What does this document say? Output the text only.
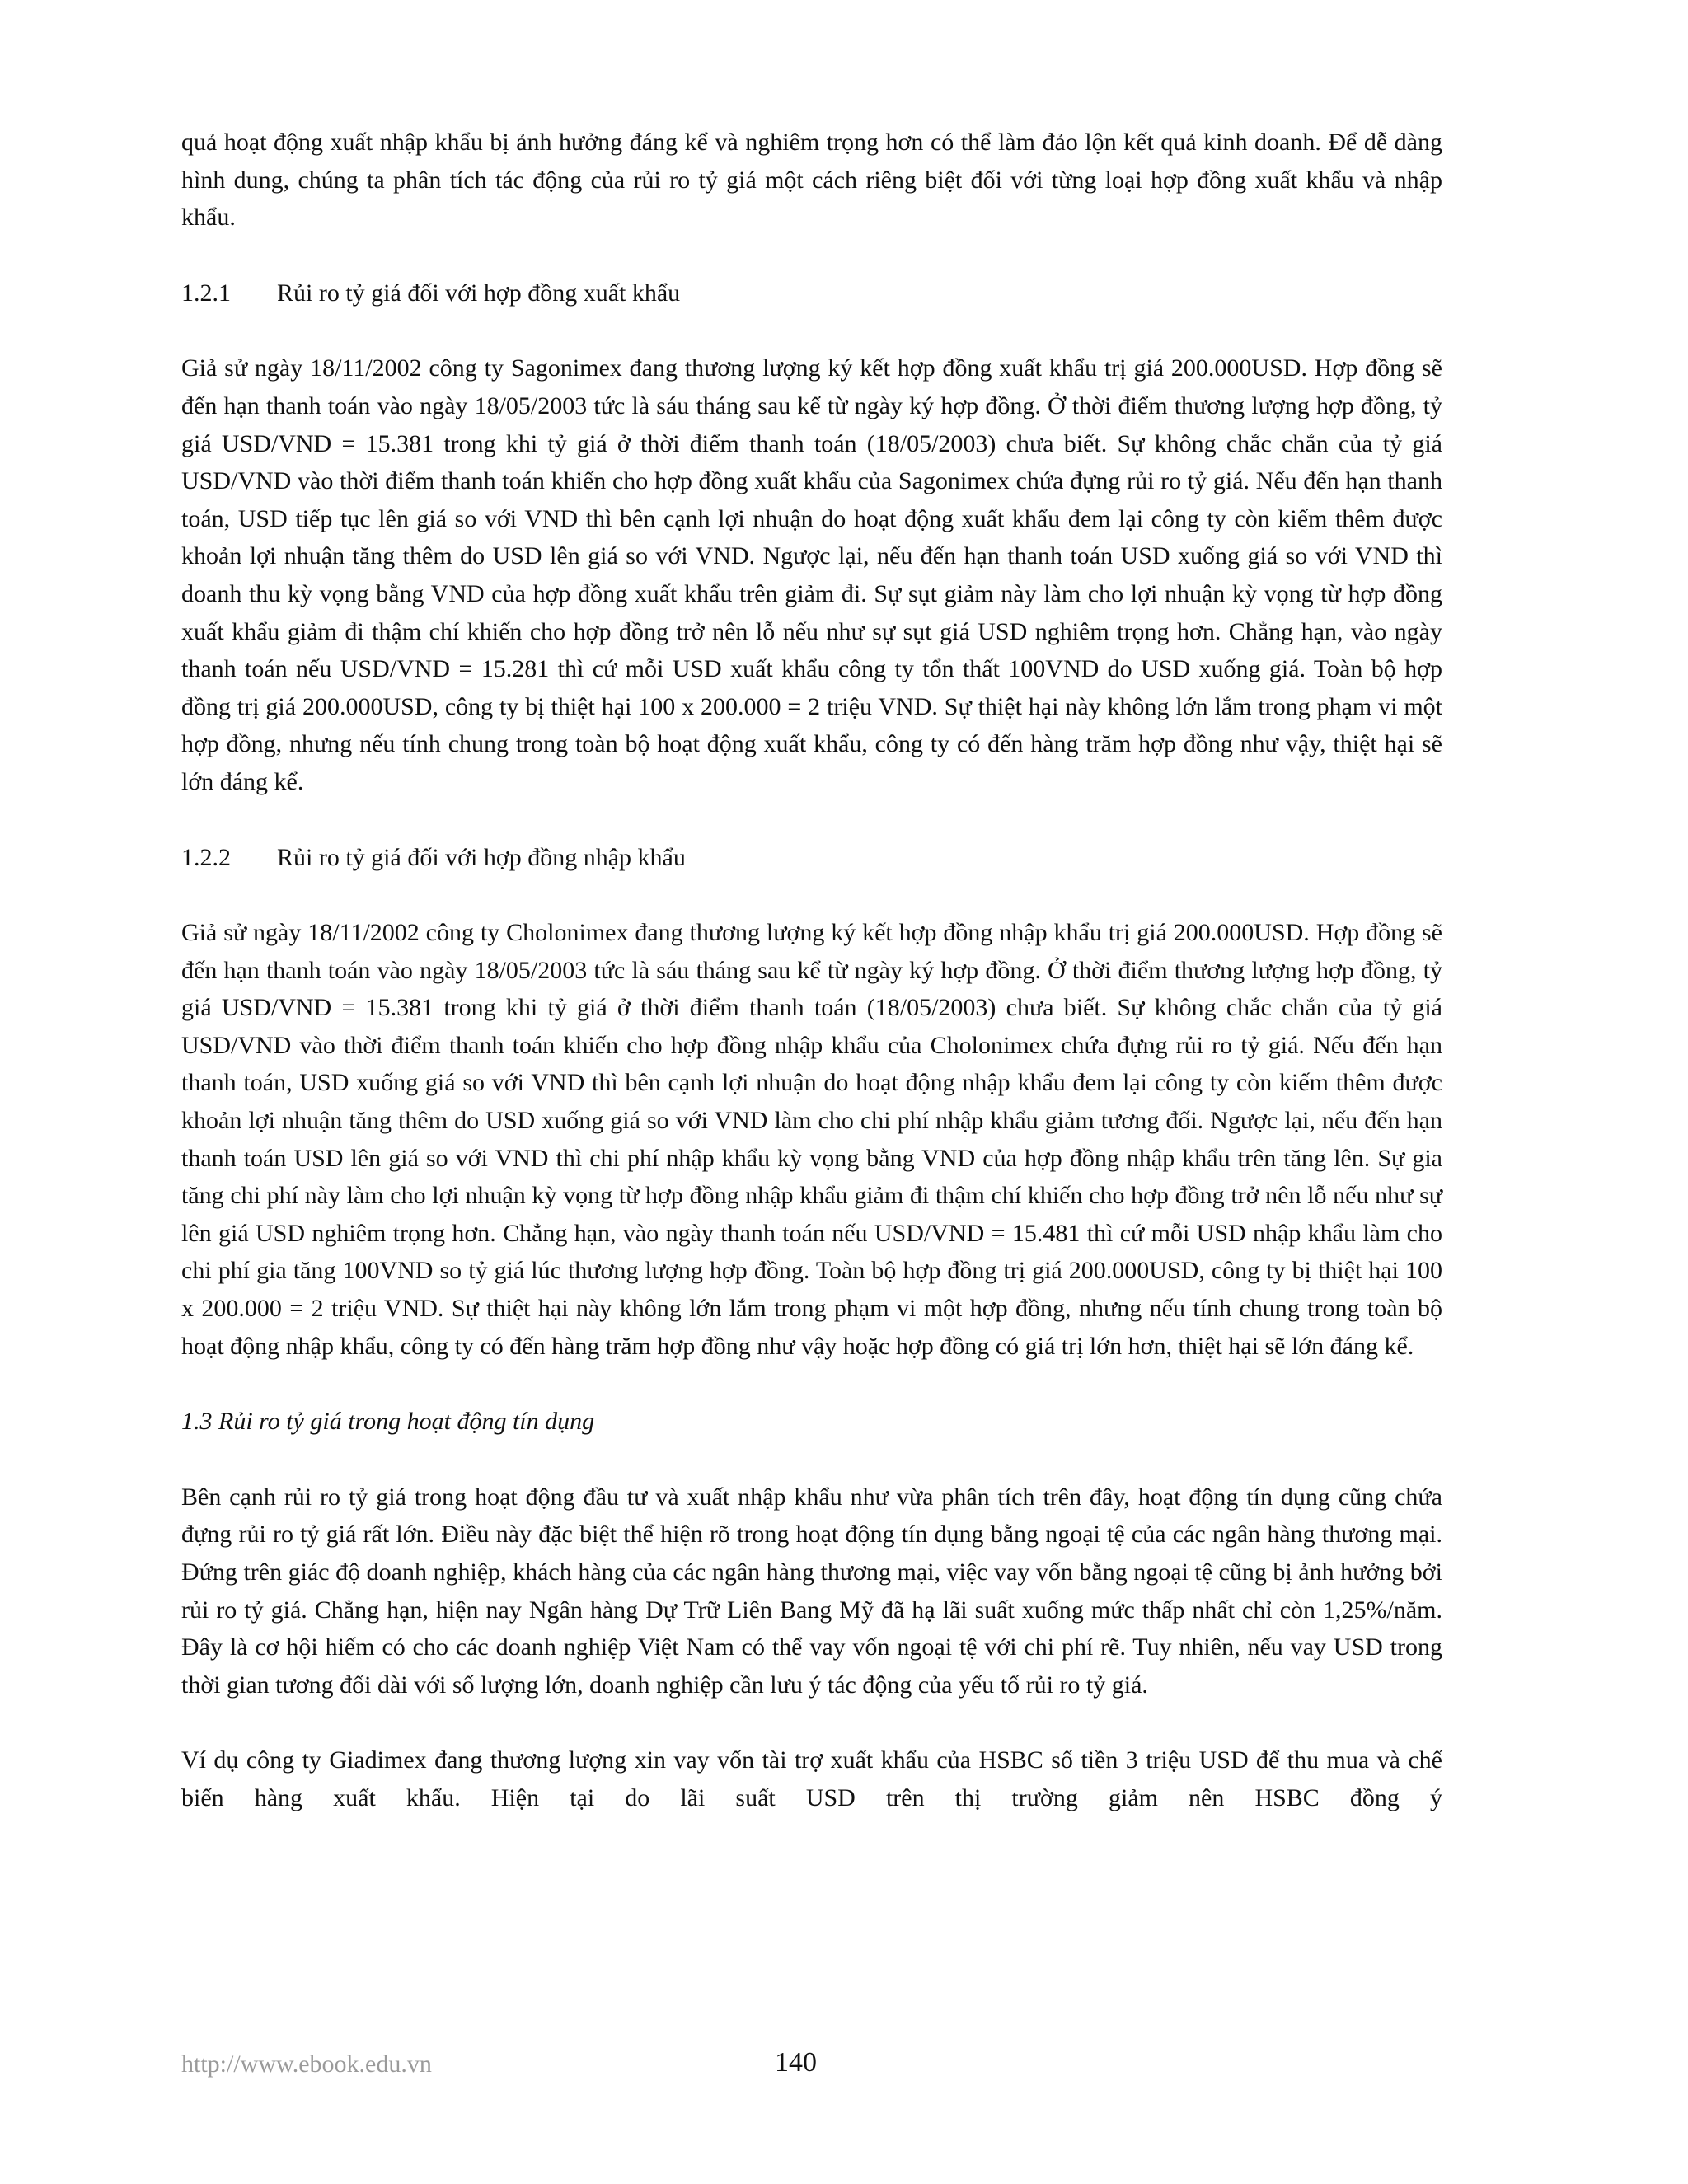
quả hoạt động xuất nhập khẩu bị ảnh hưởng đáng kể và nghiêm trọng hơn có thể làm đảo lộn kết quả kinh doanh. Để dễ dàng hình dung, chúng ta phân tích tác động của rủi ro tỷ giá một cách riêng biệt đối với từng loại hợp đồng xuất khẩu và nhập khẩu.

1.2.1 Rủi ro tỷ giá đối với hợp đồng xuất khẩu

Giả sử ngày 18/11/2002 công ty Sagonimex đang thương lượng ký kết hợp đồng xuất khẩu trị giá 200.000USD. Hợp đồng sẽ đến hạn thanh toán vào ngày 18/05/2003 tức là sáu tháng sau kể từ ngày ký hợp đồng. Ở thời điểm thương lượng hợp đồng, tỷ giá USD/VND = 15.381 trong khi tỷ giá ở thời điểm thanh toán (18/05/2003) chưa biết. Sự không chắc chắn của tỷ giá USD/VND vào thời điểm thanh toán khiến cho hợp đồng xuất khẩu của Sagonimex chứa đựng rủi ro tỷ giá. Nếu đến hạn thanh toán, USD tiếp tục lên giá so với VND thì bên cạnh lợi nhuận do hoạt động xuất khẩu đem lại công ty còn kiếm thêm được khoản lợi nhuận tăng thêm do USD lên giá so với VND. Ngược lại, nếu đến hạn thanh toán USD xuống giá so với VND thì doanh thu kỳ vọng bằng VND của hợp đồng xuất khẩu trên giảm đi. Sự sụt giảm này làm cho lợi nhuận kỳ vọng từ hợp đồng xuất khẩu giảm đi thậm chí khiến cho hợp đồng trở nên lỗ nếu như sự sụt giá USD nghiêm trọng hơn. Chẳng hạn, vào ngày thanh toán nếu USD/VND = 15.281 thì cứ mỗi USD xuất khẩu công ty tổn thất 100VND do USD xuống giá. Toàn bộ hợp đồng trị giá 200.000USD, công ty bị thiệt hại 100 x 200.000 = 2 triệu VND. Sự thiệt hại này không lớn lắm trong phạm vi một hợp đồng, nhưng nếu tính chung trong toàn bộ hoạt động xuất khẩu, công ty có đến hàng trăm hợp đồng như vậy, thiệt hại sẽ lớn đáng kể.

1.2.2 Rủi ro tỷ giá đối với hợp đồng nhập khẩu

Giả sử ngày 18/11/2002 công ty Cholonimex đang thương lượng ký kết hợp đồng nhập khẩu trị giá 200.000USD. Hợp đồng sẽ đến hạn thanh toán vào ngày 18/05/2003 tức là sáu tháng sau kể từ ngày ký hợp đồng. Ở thời điểm thương lượng hợp đồng, tỷ giá USD/VND = 15.381 trong khi tỷ giá ở thời điểm thanh toán (18/05/2003) chưa biết. Sự không chắc chắn của tỷ giá USD/VND vào thời điểm thanh toán khiến cho hợp đồng nhập khẩu của Cholonimex chứa đựng rủi ro tỷ giá. Nếu đến hạn thanh toán, USD xuống giá so với VND thì bên cạnh lợi nhuận do hoạt động nhập khẩu đem lại công ty còn kiếm thêm được khoản lợi nhuận tăng thêm do USD xuống giá so với VND làm cho chi phí nhập khẩu giảm tương đối. Ngược lại, nếu đến hạn thanh toán USD lên giá so với VND thì chi phí nhập khẩu kỳ vọng bằng VND của hợp đồng nhập khẩu trên tăng lên. Sự gia tăng chi phí này làm cho lợi nhuận kỳ vọng từ hợp đồng nhập khẩu giảm đi thậm chí khiến cho hợp đồng trở nên lỗ nếu như sự lên giá USD nghiêm trọng hơn. Chẳng hạn, vào ngày thanh toán nếu USD/VND = 15.481 thì cứ mỗi USD nhập khẩu làm cho chi phí gia tăng 100VND so tỷ giá lúc thương lượng hợp đồng. Toàn bộ hợp đồng trị giá 200.000USD, công ty bị thiệt hại 100 x 200.000 = 2 triệu VND. Sự thiệt hại này không lớn lắm trong phạm vi một hợp đồng, nhưng nếu tính chung trong toàn bộ hoạt động nhập khẩu, công ty có đến hàng trăm hợp đồng như vậy hoặc hợp đồng có giá trị lớn hơn, thiệt hại sẽ lớn đáng kể.

1.3 Rủi ro tỷ giá trong hoạt động tín dụng

Bên cạnh rủi ro tỷ giá trong hoạt động đầu tư và xuất nhập khẩu như vừa phân tích trên đây, hoạt động tín dụng cũng chứa đựng rủi ro tỷ giá rất lớn. Điều này đặc biệt thể hiện rõ trong hoạt động tín dụng bằng ngoại tệ của các ngân hàng thương mại. Đứng trên giác độ doanh nghiệp, khách hàng của các ngân hàng thương mại, việc vay vốn bằng ngoại tệ cũng bị ảnh hưởng bởi rủi ro tỷ giá. Chẳng hạn, hiện nay Ngân hàng Dự Trữ Liên Bang Mỹ đã hạ lãi suất xuống mức thấp nhất chỉ còn 1,25%/năm. Đây là cơ hội hiếm có cho các doanh nghiệp Việt Nam có thể vay vốn ngoại tệ với chi phí rẽ. Tuy nhiên, nếu vay USD trong thời gian tương đối dài với số lượng lớn, doanh nghiệp cần lưu ý tác động của yếu tố rủi ro tỷ giá.

Ví dụ công ty Giadimex đang thương lượng xin vay vốn tài trợ xuất khẩu của HSBC số tiền 3 triệu USD để thu mua và chế biến hàng xuất khẩu. Hiện tại do lãi suất USD trên thị trường giảm nên HSBC đồng ý

http://www.ebook.edu.vn	140
